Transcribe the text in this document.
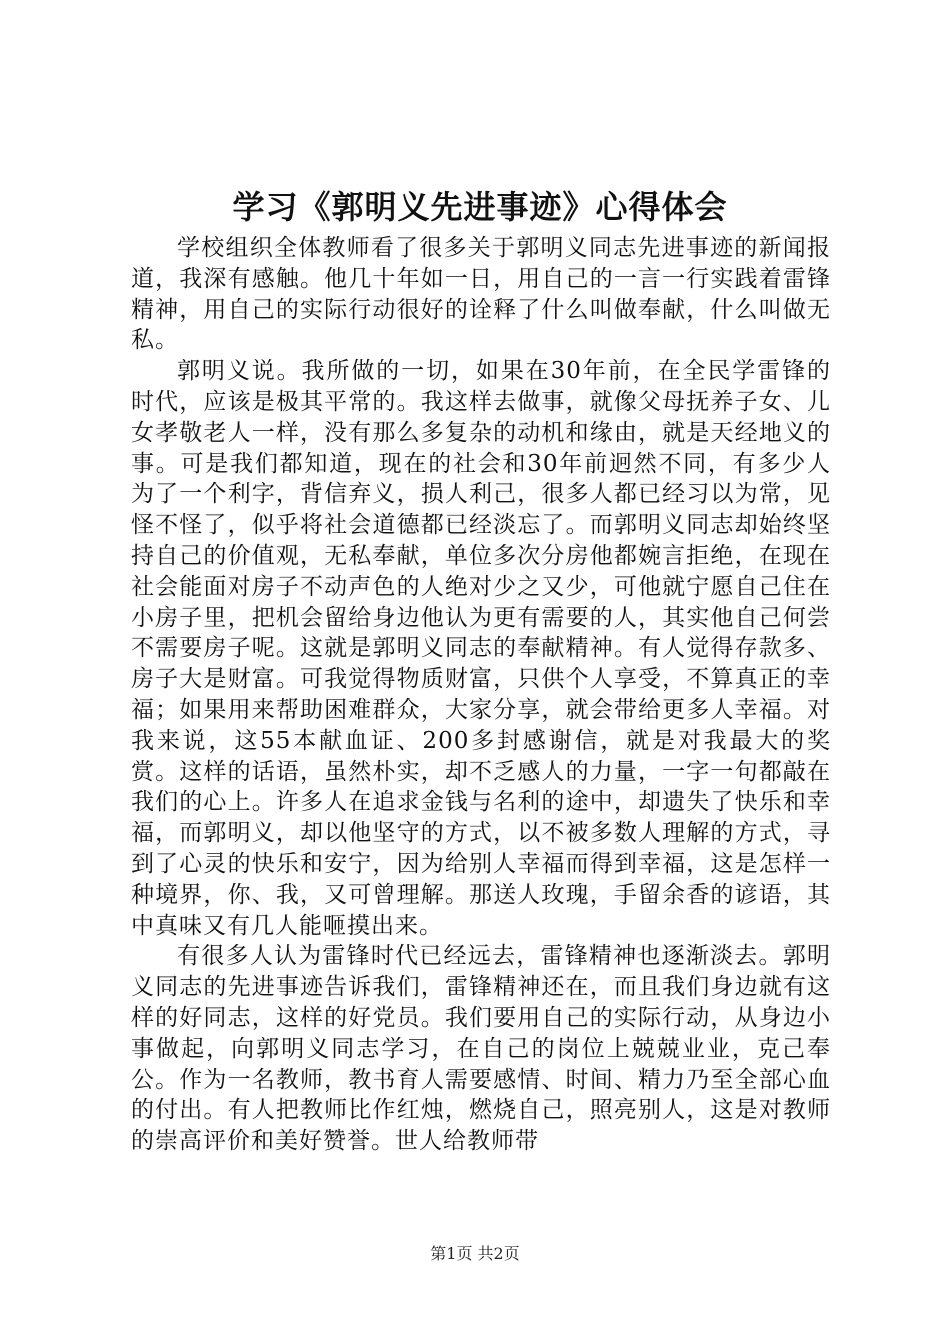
学习《郭明义先进事迹》心得体会

学校组织全体教师看了很多关于郭明义同志先进事迹的新闻报道，我深有感触。他几十年如一日，用自己的一言一行实践着雷锋精神，用自己的实际行动很好的诠释了什么叫做奉献，什么叫做无私。

郭明义说。我所做的一切，如果在30年前，在全民学雷锋的时代，应该是极其平常的。我这样去做事，就像父母抚养子女、儿女孝敬老人一样，没有那么多复杂的动机和缘由，就是天经地义的事。可是我们都知道，现在的社会和30年前迥然不同，有多少人为了一个利字，背信弃义，损人利己，很多人都已经习以为常，见怪不怪了，似乎将社会道德都已经淡忘了。而郭明义同志却始终坚持自己的价值观，无私奉献，单位多次分房他都婉言拒绝，在现在社会能面对房子不动声色的人绝对少之又少，可他就宁愿自己住在小房子里，把机会留给身边他认为更有需要的人，其实他自己何尝不需要房子呢。这就是郭明义同志的奉献精神。有人觉得存款多、房子大是财富。可我觉得物质财富，只供个人享受，不算真正的幸福；如果用来帮助困难群众，大家分享，就会带给更多人幸福。对我来说，这55本献血证、200多封感谢信，就是对我最大的奖赏。这样的话语，虽然朴实，却不乏感人的力量，一字一句都敲在我们的心上。许多人在追求金钱与名利的途中，却遗失了快乐和幸福，而郭明义，却以他坚守的方式，以不被多数人理解的方式，寻到了心灵的快乐和安宁，因为给别人幸福而得到幸福，这是怎样一种境界，你、我，又可曾理解。那送人玫瑰，手留余香的谚语，其中真味又有几人能咂摸出来。

有很多人认为雷锋时代已经远去，雷锋精神也逐渐淡去。郭明义同志的先进事迹告诉我们，雷锋精神还在，而且我们身边就有这样的好同志，这样的好党员。我们要用自己的实际行动，从身边小事做起，向郭明义同志学习，在自己的岗位上兢兢业业，克己奉公。作为一名教师，教书育人需要感情、时间、精力乃至全部心血的付出。有人把教师比作红烛，燃烧自己，照亮别人，这是对教师的崇高评价和美好赞誉。世人给教师带

第1页 共2页
